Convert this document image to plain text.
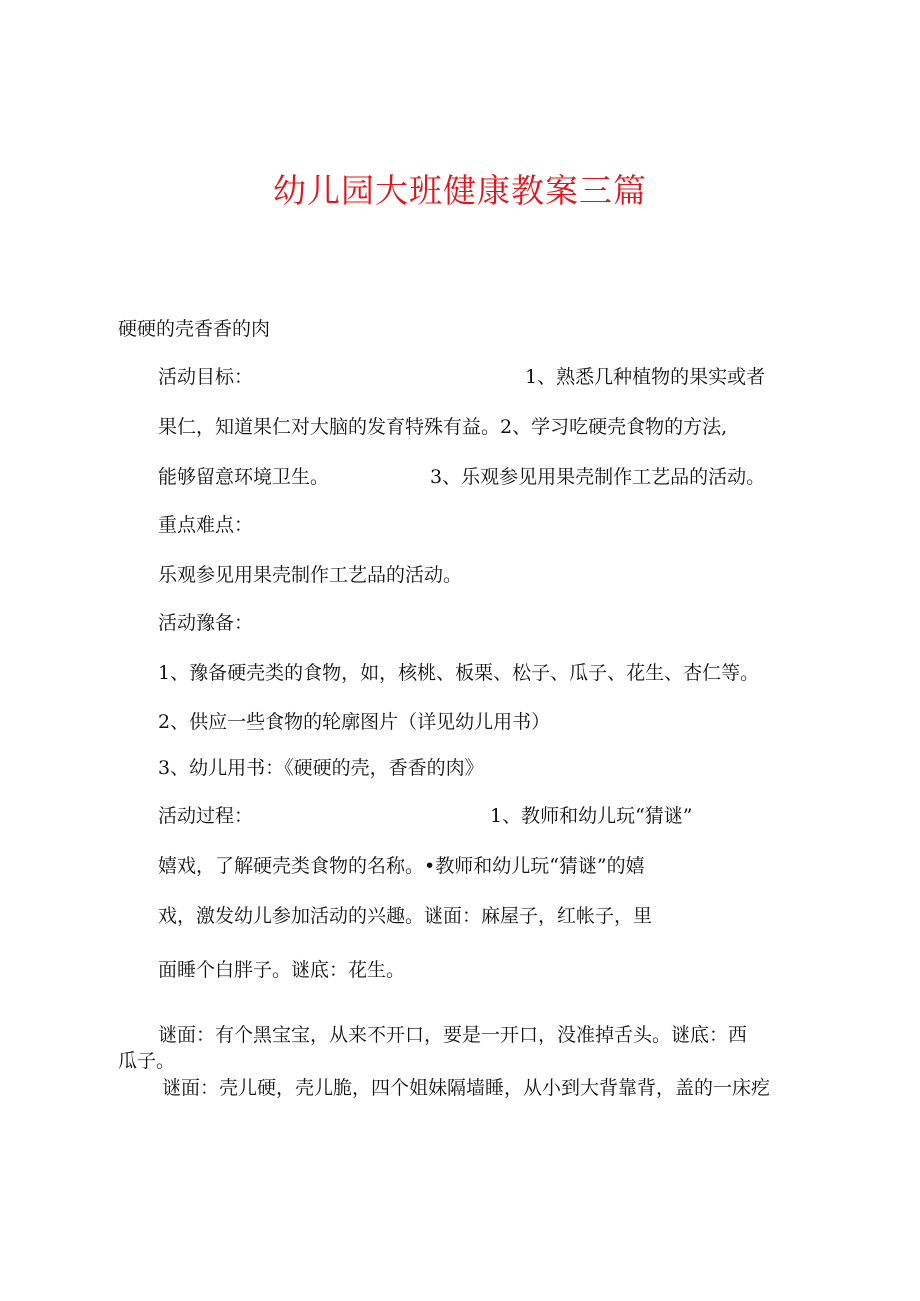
幼儿园大班健康教案三篇

硬硬的壳香香的肉

活动目标：	1、熟悉几种植物的果实或者

果仁，知道果仁对大脑的发育特殊有益。2、学习吃硬壳食物的方法,

能够留意环境卫生。	3、乐观参见用果壳制作工艺品的活动。

重点难点：

乐观参见用果壳制作工艺品的活动。

活动豫备：

1、豫备硬壳类的食物，如，核桃、板栗、松子、瓜子、花生、杏仁等。

2、供应一些食物的轮廓图片（详见幼儿用书）

3、幼儿用书：《硬硬的壳，香香的肉》

活动过程：	1、教师和幼儿玩“猜谜”

嬉戏，了解硬壳类食物的名称。•教师和幼儿玩“猜谜”的嬉

戏，激发幼儿参加活动的兴趣。谜面：麻屋子，红帐子，里

面睡个白胖子。谜底：花生。

谜面：有个黑宝宝，从来不开口，要是一开口，没准掉舌头。谜底：西瓜子。

谜面：壳儿硬，壳儿脆，四个姐妹隔墙睡，从小到大背靠背，盖的一床疙
